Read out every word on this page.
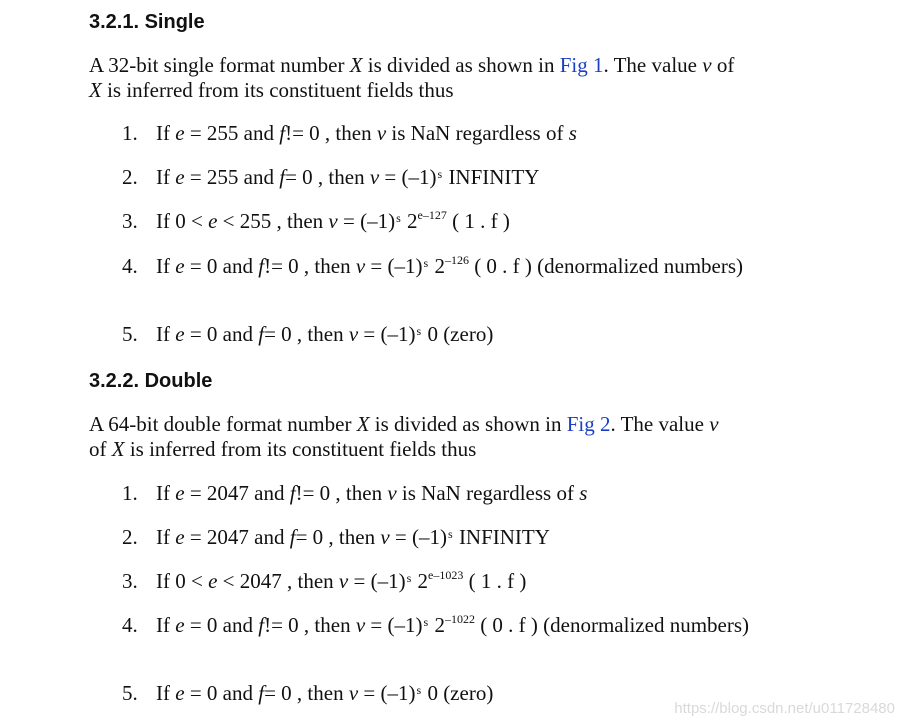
3.2.1. Single

A 32-bit single format number X is divided as shown in Fig 1. The value v of
X is inferred from its constituent fields thus

1. If e = 255 and f!= 0 , then v is NaN regardless of s
2. If e = 255 and f= 0 , then $v = (-1)^s$ INFINITY
3. If 0 < e < 255 , then $v = (-1)^s$ 2$^{e-127}$ ( 1 . f )
4. If e = 0 and f!= 0 , then $v = (-1)^s$ $2^{-126}$ ( 0 . f ) (denormalized numbers)
5. If e = 0 and f= 0 , then $v = (-1)^s$ 0 (zero)
3.2.2. Double

A 64-bit double format number X is divided as shown in Fig 2. The value v
of X is inferred from its constituent fields thus

1. If e = 2047 and f!= 0 , then v is NaN regardless of s
2. If e = 2047 and f= 0 , then $v = (-1)^s$ INFINITY
3. If 0 < e < 2047 , then $v = (-1)^s$ $2^{e-1023}$ ( 1 . f )
4. If e = 0 and f!= 0 , then $v = (-1)^s$ $2^{-1022}$ ( 0 . f ) (denormalized numbers)
5. If e = 0 and f= 0 , then $v = (-1)^s$ 0 (zero)
https://blog.csdn.net/u011728480
